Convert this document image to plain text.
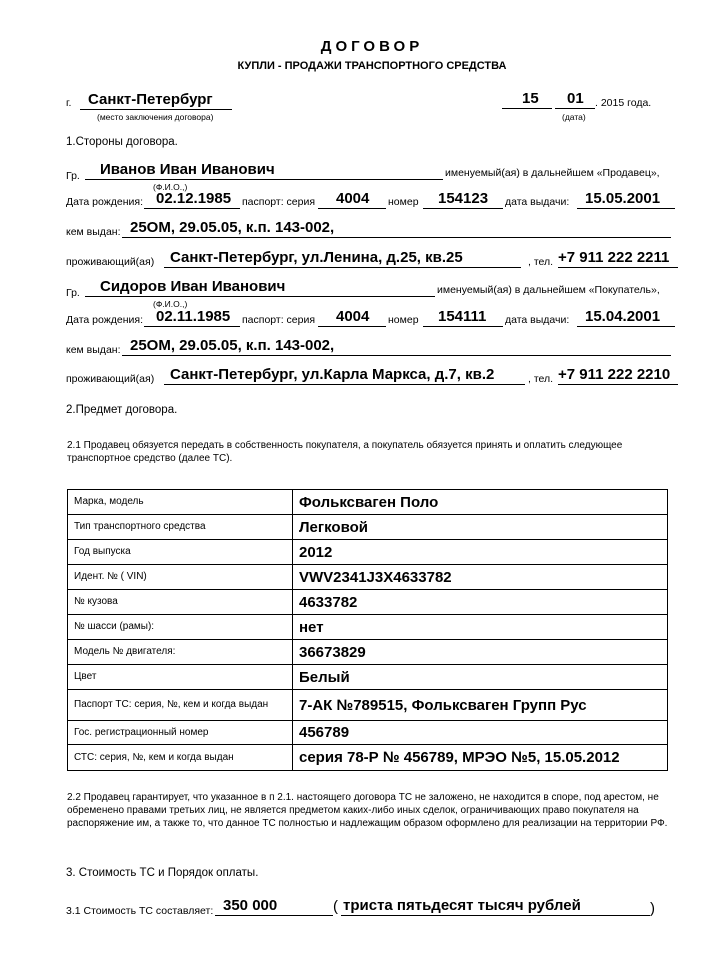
ДОГОВОР
КУПЛИ - ПРОДАЖИ ТРАНСПОРТНОГО СРЕДСТВА
г. Санкт-Петербург
(место заключения договора)
15 01 . 2015 года.
(дата)
1.Стороны договора.
Гр. Иванов Иван Иванович	именуемый(ая) в дальнейшем «Продавец»,
(Ф.И.О.,)
Дата рождения: 02.12.1985 паспорт: серия 4004 номер 154123 дата выдачи: 15.05.2001
кем выдан: 25ОМ, 29.05.05, к.п. 143-002,
проживающий(ая) Санкт-Петербург, ул.Ленина, д.25, кв.25	, тел. +7 911 222 2211
Гр. Сидоров Иван Иванович	именуемый(ая) в дальнейшем «Покупатель»,
(Ф.И.О.,)
Дата рождения: 02.11.1985 паспорт: серия 4004 номер 154111 дата выдачи: 15.04.2001
кем выдан: 25ОМ, 29.05.05, к.п. 143-002,
проживающий(ая) Санкт-Петербург, ул.Карла Маркса, д.7, кв.2	, тел. +7 911 222 2210
2.Предмет договора.
2.1 Продавец обязуется передать в собственность покупателя, а покупатель обязуется принять и оплатить следующее транспортное средство (далее ТС).
Марка, модель	Фольксваген Поло
Тип транспортного средства	Легковой
Год выпуска	2012
Идент. № ( VIN)	VWV2341J3X4633782
№ кузова	4633782
№ шасси (рамы):	нет
Модель № двигателя:	36673829
Цвет	Белый
Паспорт ТС: серия, №, кем и когда выдан	7-АК №789515, Фольксваген Групп Рус
Гос. регистрационный номер	456789
СТС: серия, №, кем и когда выдан	серия 78-Р № 456789, МРЭО №5, 15.05.2012
2.2 Продавец гарантирует, что указанное в п 2.1. настоящего договора ТС не заложено, не находится в споре, под арестом, не обременено правами третьих лиц, не является предметом каких-либо иных сделок, ограничивающих право покупателя на распоряжение им, а также то, что данное ТС полностью и надлежащим образом оформлено для реализации на территории РФ.
3. Стоимость ТС и Порядок оплаты.
3.1 Стоимость ТС составляет: 350 000	( триста пятьдесят тысяч рублей	)
